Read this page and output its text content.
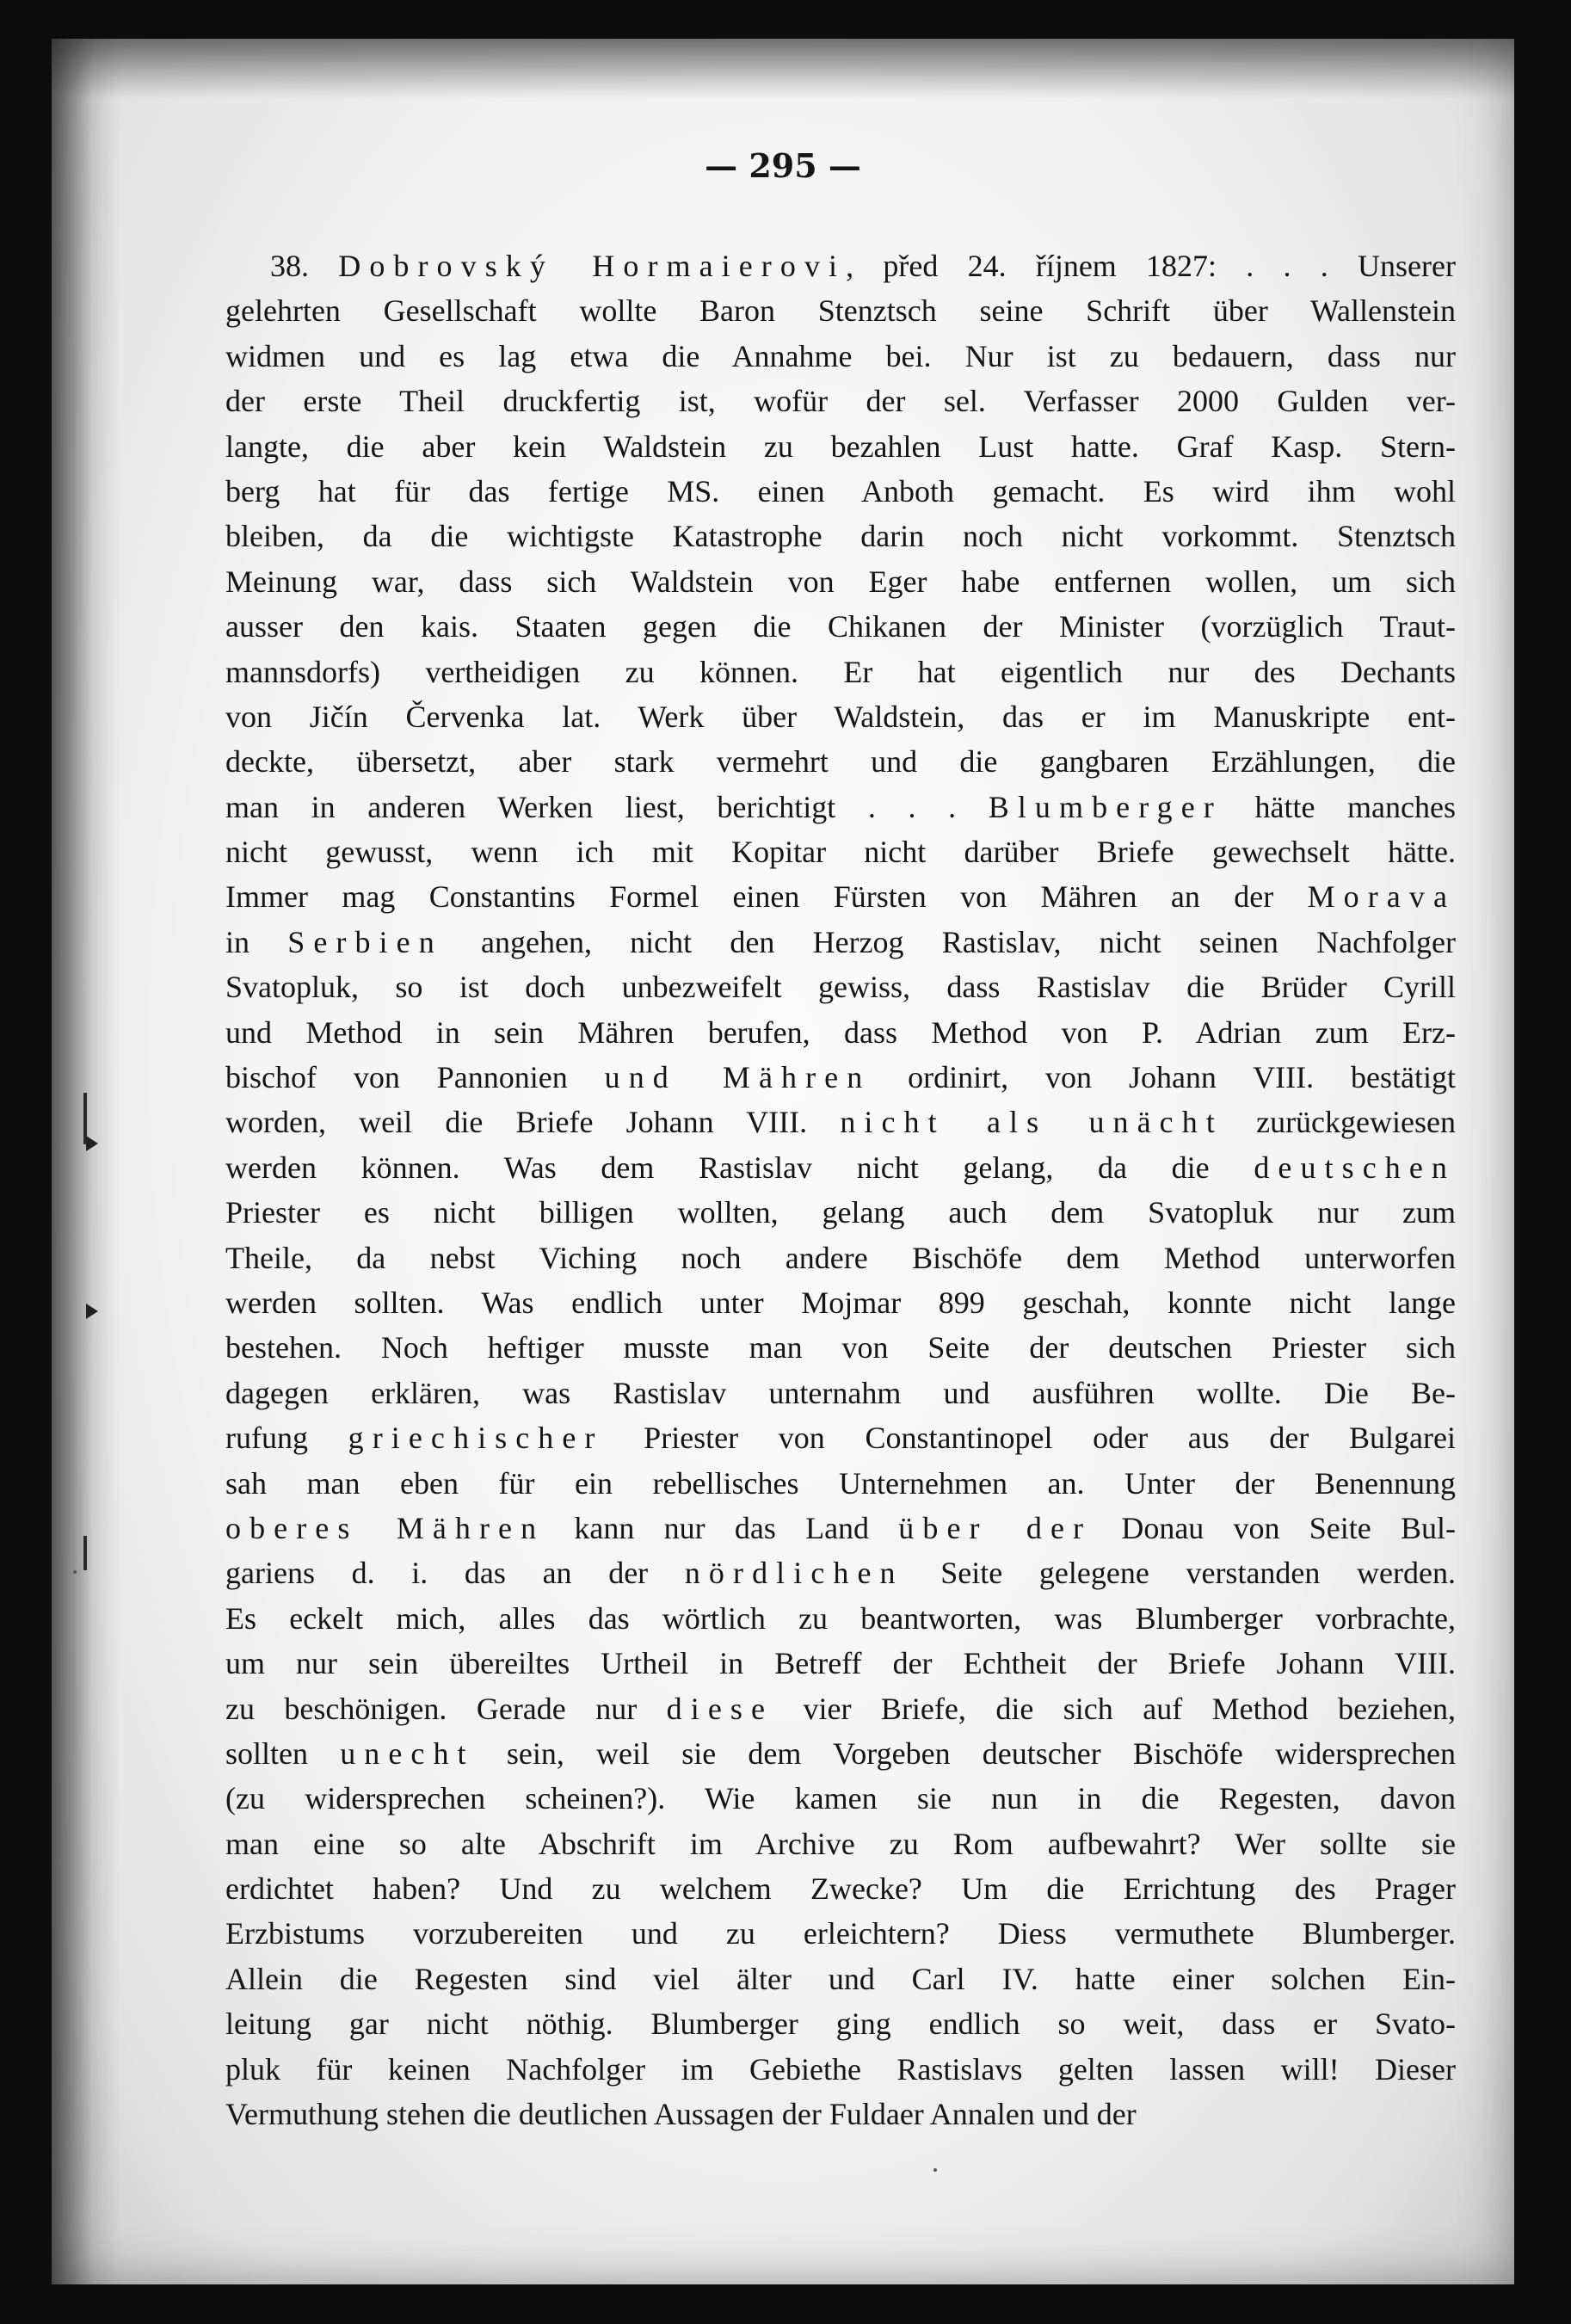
— 295 —
38. Dobrovský Hormaierovi, před 24. říjnem 1827: . . . Unserer
gelehrten Gesellschaft wollte Baron Stenztsch seine Schrift über Wallenstein
widmen und es lag etwa die Annahme bei. Nur ist zu bedauern, dass nur
der erste Theil druckfertig ist, wofür der sel. Verfasser 2000 Gulden ver-
langte, die aber kein Waldstein zu bezahlen Lust hatte. Graf Kasp. Stern-
berg hat für das fertige MS. einen Anboth gemacht. Es wird ihm wohl
bleiben, da die wichtigste Katastrophe darin noch nicht vorkommt. Stenztsch
Meinung war, dass sich Waldstein von Eger habe entfernen wollen, um sich
ausser den kais. Staaten gegen die Chikanen der Minister (vorzüglich Traut-
mannsdorfs) vertheidigen zu können. Er hat eigentlich nur des Dechants
von Jičín Červenka lat. Werk über Waldstein, das er im Manuskripte ent-
deckte, übersetzt, aber stark vermehrt und die gangbaren Erzählungen, die
man in anderen Werken liest, berichtigt . . . Blumberger hätte manches
nicht gewusst, wenn ich mit Kopitar nicht darüber Briefe gewechselt hätte.
Immer mag Constantins Formel einen Fürsten von Mähren an der Morava
in Serbien angehen, nicht den Herzog Rastislav, nicht seinen Nachfolger
Svatopluk, so ist doch unbezweifelt gewiss, dass Rastislav die Brüder Cyrill
und Method in sein Mähren berufen, dass Method von P. Adrian zum Erz-
bischof von Pannonien und Mähren ordinirt, von Johann VIII. bestätigt
worden, weil die Briefe Johann VIII. nicht als unächt zurückgewiesen
werden können. Was dem Rastislav nicht gelang, da die deutschen
Priester es nicht billigen wollten, gelang auch dem Svatopluk nur zum
Theile, da nebst Viching noch andere Bischöfe dem Method unterworfen
werden sollten. Was endlich unter Mojmar 899 geschah, konnte nicht lange
bestehen. Noch heftiger musste man von Seite der deutschen Priester sich
dagegen erklären, was Rastislav unternahm und ausführen wollte. Die Be-
rufung griechischer Priester von Constantinopel oder aus der Bulgarei
sah man eben für ein rebellisches Unternehmen an. Unter der Benennung
oberes Mähren kann nur das Land über der Donau von Seite Bul-
gariens d. i. das an der nördlichen Seite gelegene verstanden werden.
Es eckelt mich, alles das wörtlich zu beantworten, was Blumberger vorbrachte,
um nur sein übereiltes Urtheil in Betreff der Echtheit der Briefe Johann VIII.
zu beschönigen. Gerade nur diese vier Briefe, die sich auf Method beziehen,
sollten unecht sein, weil sie dem Vorgeben deutscher Bischöfe widersprechen
(zu widersprechen scheinen?). Wie kamen sie nun in die Regesten, davon
man eine so alte Abschrift im Archive zu Rom aufbewahrt? Wer sollte sie
erdichtet haben? Und zu welchem Zwecke? Um die Errichtung des Prager
Erzbistums vorzubereiten und zu erleichtern? Diess vermuthete Blumberger.
Allein die Regesten sind viel älter und Carl IV. hatte einer solchen Ein-
leitung gar nicht nöthig. Blumberger ging endlich so weit, dass er Svato-
pluk für keinen Nachfolger im Gebiethe Rastislavs gelten lassen will! Dieser
Vermuthung stehen die deutlichen Aussagen der Fuldaer Annalen und der
